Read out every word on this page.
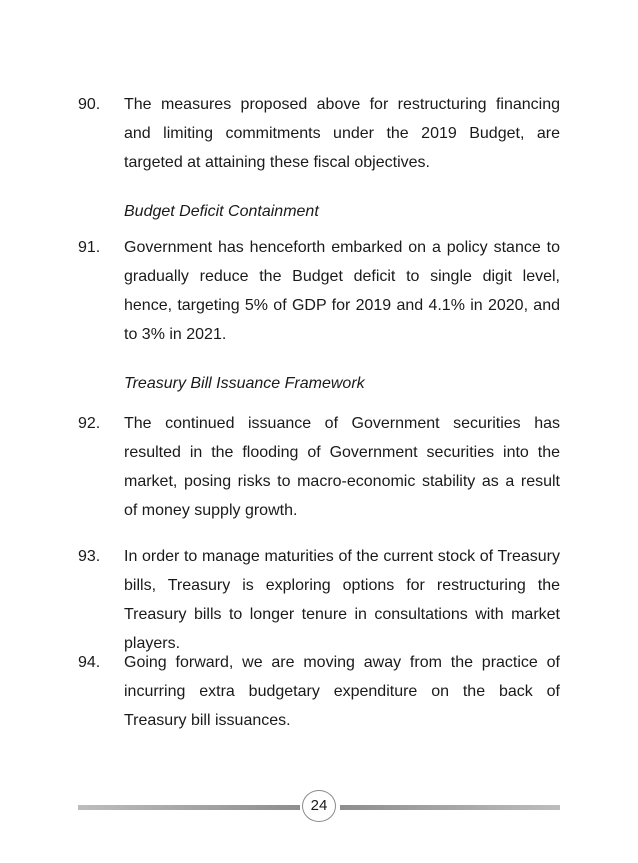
90.	The measures proposed above for restructuring financing and limiting commitments under the 2019 Budget, are targeted at attaining these fiscal objectives.
Budget Deficit Containment
91.	Government has henceforth embarked on a policy stance to gradually reduce the Budget deficit to single digit level, hence, targeting 5% of GDP for 2019 and 4.1% in 2020, and to 3% in 2021.
Treasury Bill Issuance Framework
92.	The continued issuance of Government securities has resulted in the flooding of Government securities into the market, posing risks to macro-economic stability as a result of money supply growth.
93.	In order to manage maturities of the current stock of Treasury bills, Treasury is exploring options for restructuring the Treasury bills to longer tenure in consultations with market players.
94.	Going forward, we are moving away from the practice of incurring extra budgetary expenditure on the back of Treasury bill issuances.
24
